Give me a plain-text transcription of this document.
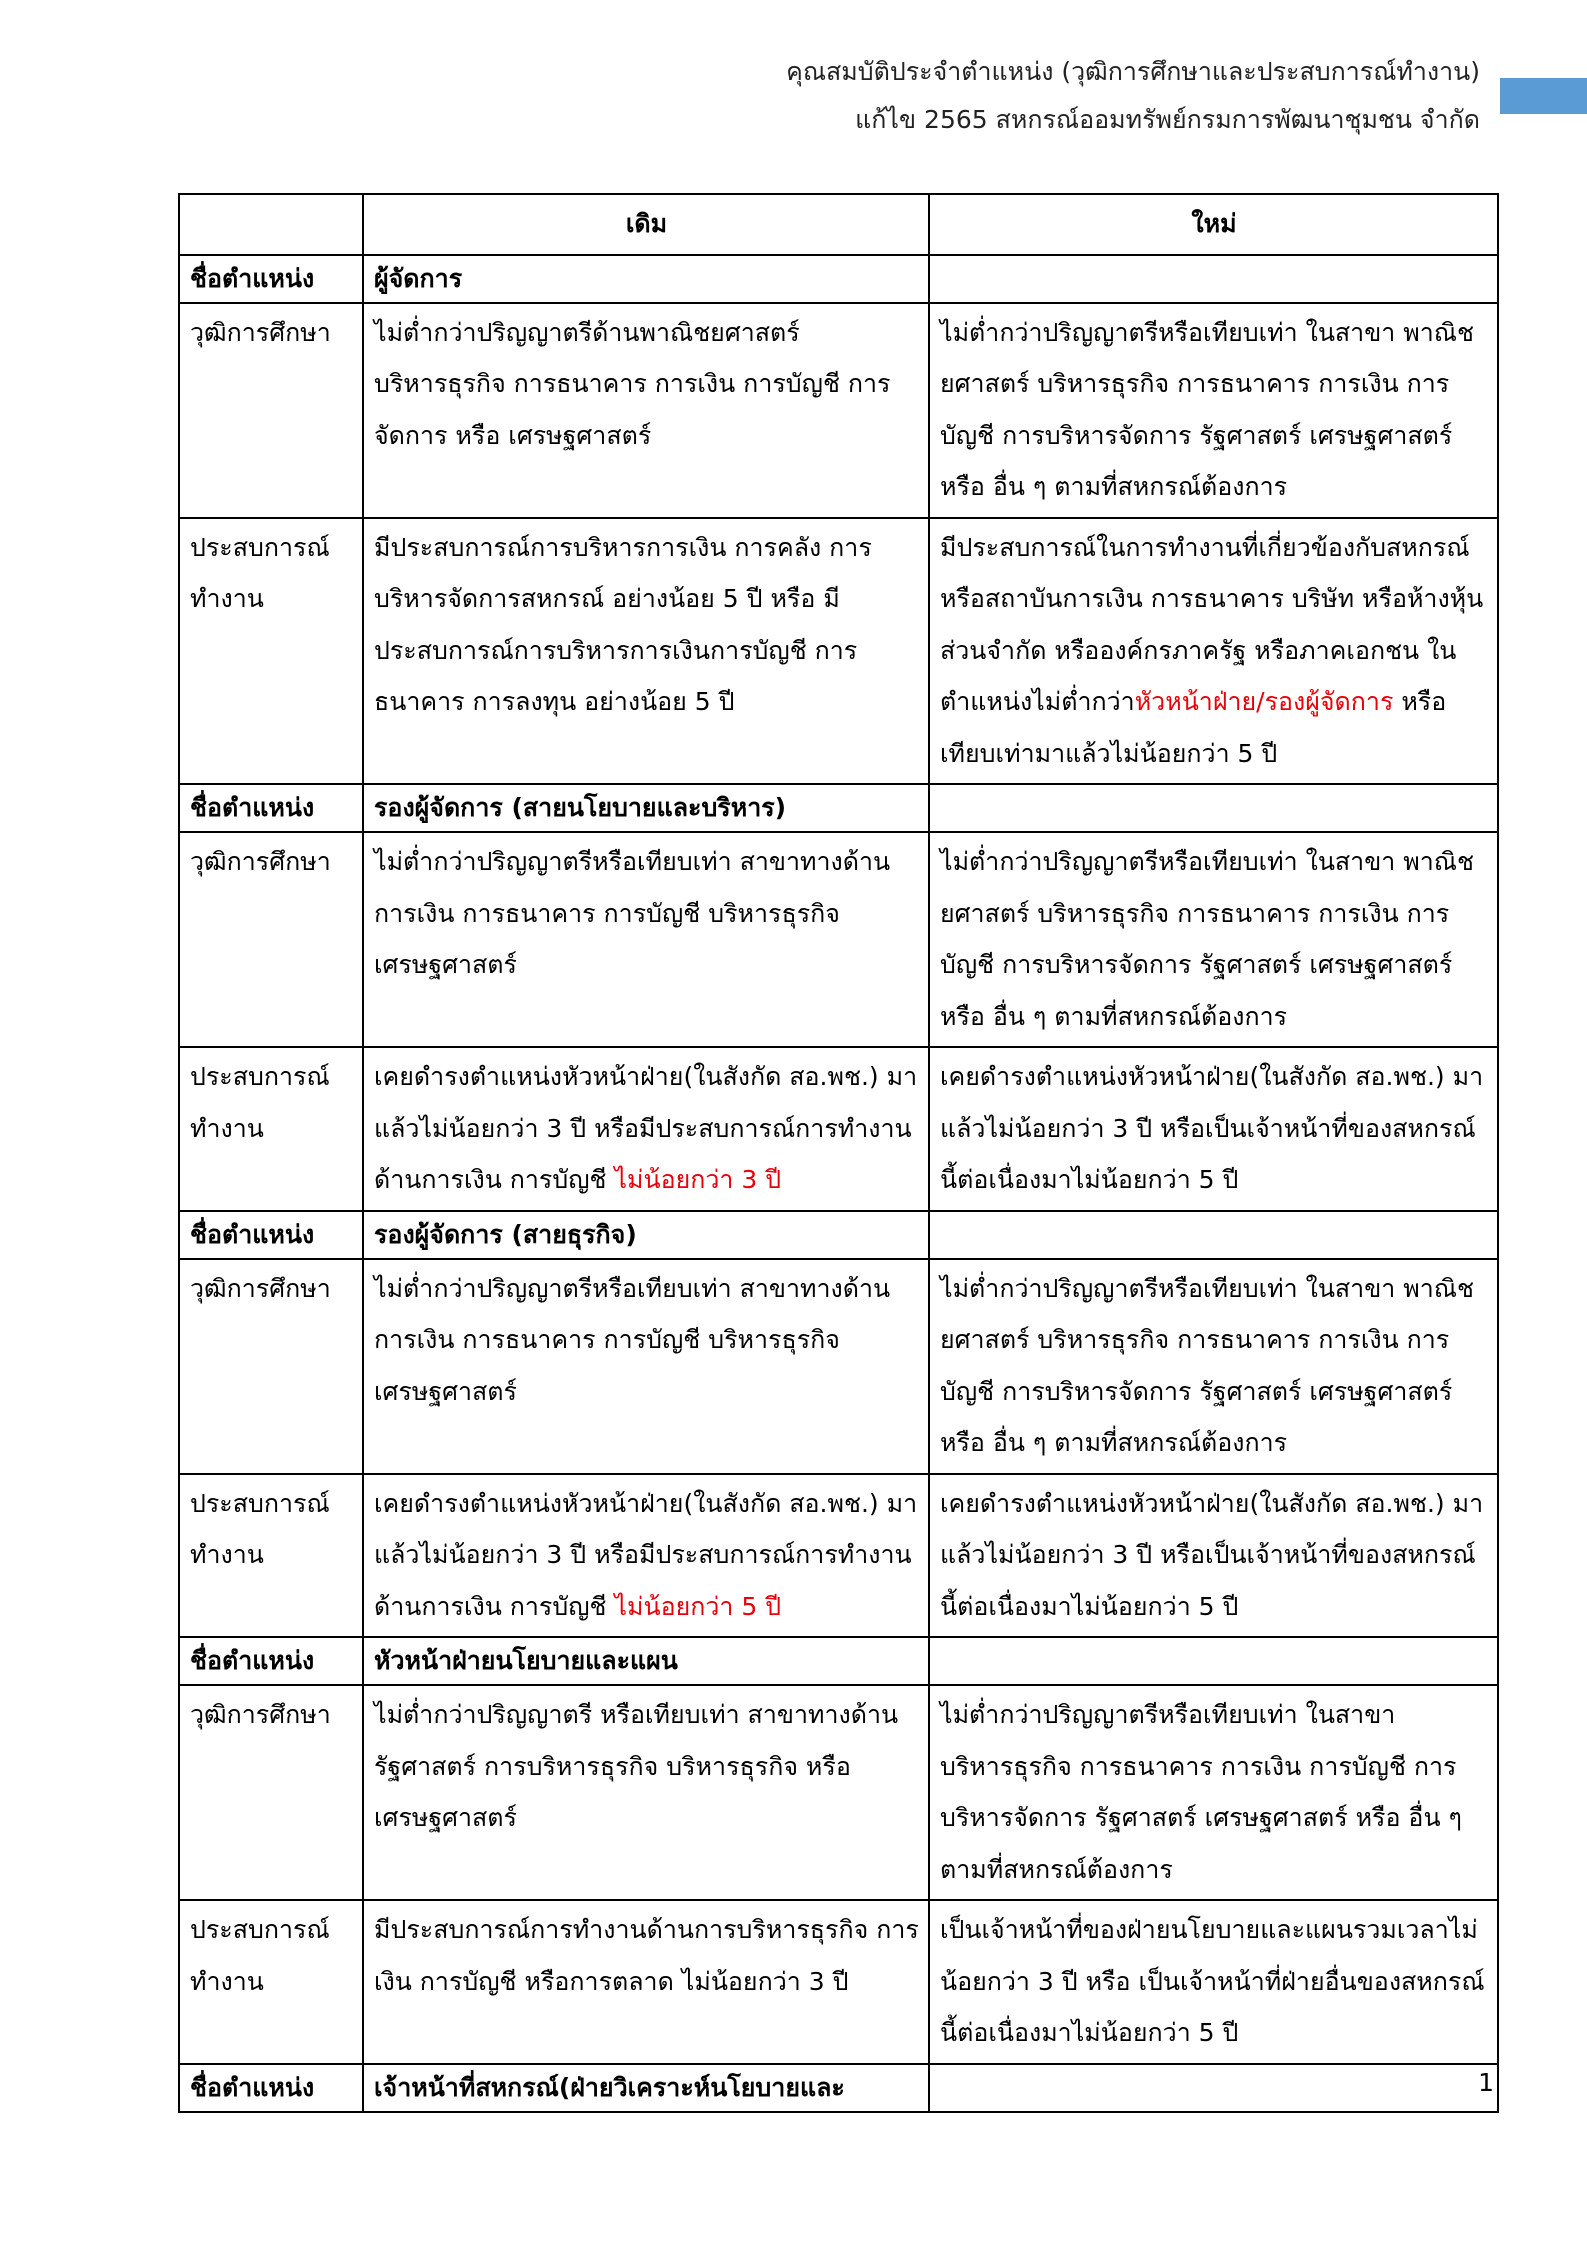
คุณสมบัติประจำตำแหน่ง (วุฒิการศึกษาและประสบการณ์ทำงาน)
แก้ไข 2565 สหกรณ์ออมทรัพย์กรมการพัฒนาชุมชน จำกัด
	เดิม	ใหม่
ชื่อตำแหน่ง	ผู้จัดการ	
วุฒิการศึกษา	ไม่ต่ำกว่าปริญญาตรีด้านพาณิชยศาสตร์ บริหารธุรกิจ การธนาคาร การเงิน การบัญชี การจัดการ หรือ เศรษฐศาสตร์	ไม่ต่ำกว่าปริญญาตรีหรือเทียบเท่า ในสาขา พาณิชยศาสตร์ บริหารธุรกิจ การธนาคาร การเงิน การบัญชี การบริหารจัดการ รัฐศาสตร์ เศรษฐศาสตร์ หรือ อื่น ๆ ตามที่สหกรณ์ต้องการ
ประสบการณ์ทำงาน	มีประสบการณ์การบริหารการเงิน การคลัง การบริหารจัดการสหกรณ์ อย่างน้อย 5 ปี หรือ มีประสบการณ์การบริหารการเงินการบัญชี การธนาคาร การลงทุน อย่างน้อย 5 ปี	มีประสบการณ์ในการทำงานที่เกี่ยวข้องกับสหกรณ์ หรือสถาบันการเงิน การธนาคาร บริษัท หรือห้างหุ้นส่วนจำกัด หรือองค์กรภาครัฐ หรือภาคเอกชน ในตำแหน่งไม่ต่ำกว่าหัวหน้าฝ่าย/รองผู้จัดการ หรือเทียบเท่ามาแล้วไม่น้อยกว่า 5 ปี
ชื่อตำแหน่ง	รองผู้จัดการ (สายนโยบายและบริหาร)	
วุฒิการศึกษา	ไม่ต่ำกว่าปริญญาตรีหรือเทียบเท่า สาขาทางด้านการเงิน การธนาคาร การบัญชี บริหารธุรกิจ เศรษฐศาสตร์	ไม่ต่ำกว่าปริญญาตรีหรือเทียบเท่า ในสาขา พาณิชยศาสตร์ บริหารธุรกิจ การธนาคาร การเงิน การบัญชี การบริหารจัดการ รัฐศาสตร์ เศรษฐศาสตร์ หรือ อื่น ๆ ตามที่สหกรณ์ต้องการ
ประสบการณ์ทำงาน	เคยดำรงตำแหน่งหัวหน้าฝ่าย(ในสังกัด สอ.พช.) มาแล้วไม่น้อยกว่า 3 ปี หรือมีประสบการณ์การทำงานด้านการเงิน การบัญชี ไม่น้อยกว่า 3 ปี	เคยดำรงตำแหน่งหัวหน้าฝ่าย(ในสังกัด สอ.พช.) มาแล้วไม่น้อยกว่า 3 ปี หรือเป็นเจ้าหน้าที่ของสหกรณ์นี้ต่อเนื่องมาไม่น้อยกว่า 5 ปี
ชื่อตำแหน่ง	รองผู้จัดการ (สายธุรกิจ)	
วุฒิการศึกษา	ไม่ต่ำกว่าปริญญาตรีหรือเทียบเท่า สาขาทางด้านการเงิน การธนาคาร การบัญชี บริหารธุรกิจ เศรษฐศาสตร์	ไม่ต่ำกว่าปริญญาตรีหรือเทียบเท่า ในสาขา พาณิชยศาสตร์ บริหารธุรกิจ การธนาคาร การเงิน การบัญชี การบริหารจัดการ รัฐศาสตร์ เศรษฐศาสตร์ หรือ อื่น ๆ ตามที่สหกรณ์ต้องการ
ประสบการณ์ทำงาน	เคยดำรงตำแหน่งหัวหน้าฝ่าย(ในสังกัด สอ.พช.) มาแล้วไม่น้อยกว่า 3 ปี หรือมีประสบการณ์การทำงานด้านการเงิน การบัญชี ไม่น้อยกว่า 5 ปี	เคยดำรงตำแหน่งหัวหน้าฝ่าย(ในสังกัด สอ.พช.) มาแล้วไม่น้อยกว่า 3 ปี หรือเป็นเจ้าหน้าที่ของสหกรณ์นี้ต่อเนื่องมาไม่น้อยกว่า 5 ปี
ชื่อตำแหน่ง	หัวหน้าฝ่ายนโยบายและแผน	
วุฒิการศึกษา	ไม่ต่ำกว่าปริญญาตรี หรือเทียบเท่า สาขาทางด้านรัฐศาสตร์ การบริหารธุรกิจ บริหารธุรกิจ หรือ เศรษฐศาสตร์	ไม่ต่ำกว่าปริญญาตรีหรือเทียบเท่า ในสาขา บริหารธุรกิจ การธนาคาร การเงิน การบัญชี การบริหารจัดการ รัฐศาสตร์ เศรษฐศาสตร์ หรือ อื่น ๆ ตามที่สหกรณ์ต้องการ
ประสบการณ์ทำงาน	มีประสบการณ์การทำงานด้านการบริหารธุรกิจ การเงิน การบัญชี หรือการตลาด ไม่น้อยกว่า 3 ปี	เป็นเจ้าหน้าที่ของฝ่ายนโยบายและแผนรวมเวลาไม่น้อยกว่า 3 ปี หรือ เป็นเจ้าหน้าที่ฝ่ายอื่นของสหกรณ์นี้ต่อเนื่องมาไม่น้อยกว่า 5 ปี
ชื่อตำแหน่ง	เจ้าหน้าที่สหกรณ์(ฝ่ายวิเคราะห์นโยบายและ		1
